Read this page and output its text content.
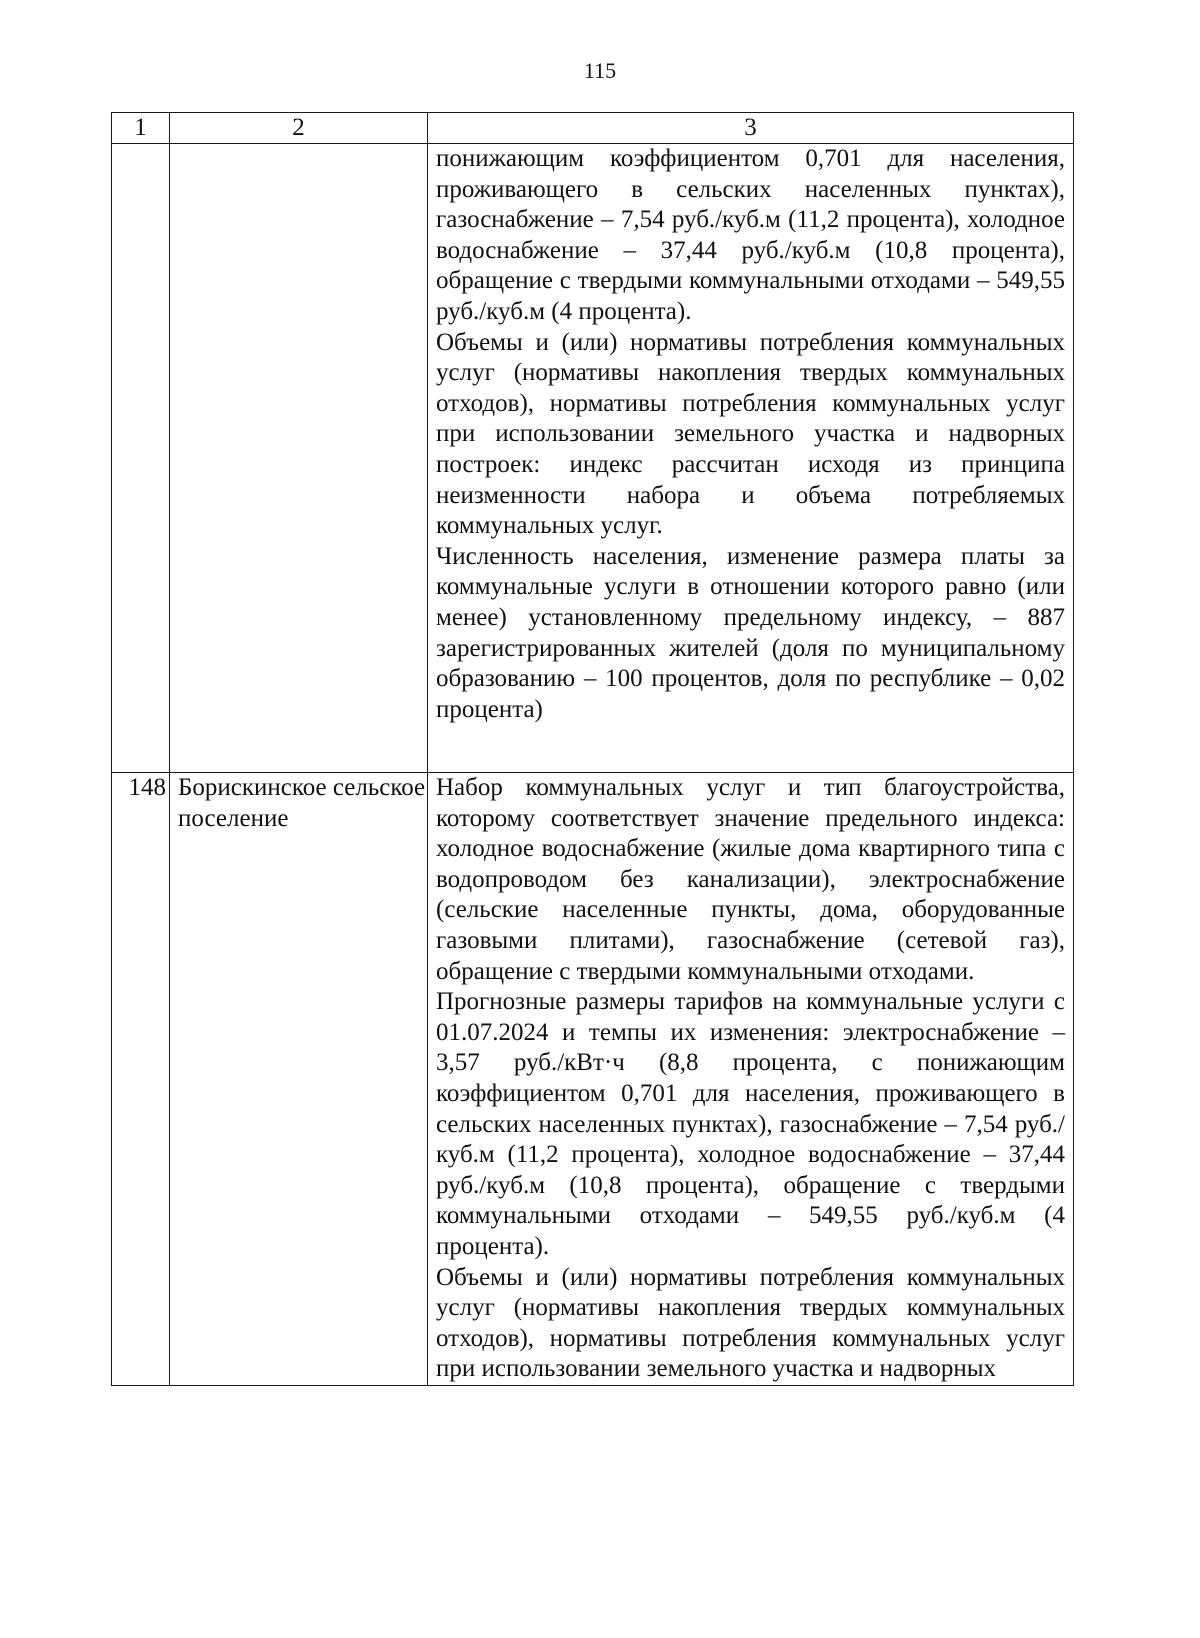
115
1	2	3

		понижающим коэффициентом 0,701 для населения, проживающего в сельских населенных пунктах), газоснабжение – 7,54 руб./куб.м (11,2 процента), холодное водоснабжение – 37,44 руб./куб.м (10,8 процента), обращение с твердыми коммунальными отходами – 549,55 руб./куб.м (4 процента).

Объемы и (или) нормативы потребления коммунальных услуг (нормативы накопления твердых коммунальных отходов), нормативы потребления коммунальных услуг при использовании земельного участка и надворных построек: индекс рассчитан исходя из принципа неизменности набора и объема потребляемых коммунальных услуг.

Численность населения, изменение размера платы за коммунальные услуги в отношении которого равно (или менее) установленному предельному индексу, – 887 зарегистрированных жителей (доля по муниципальному образованию – 100 процентов, доля по республике – 0,02 процента)

148	Борискинское сельское поселение	Набор коммунальных услуг и тип благоустройства, которому соответствует значение предельного индекса: холодное водоснабжение (жилые дома квартирного типа с водопроводом без канализации), электроснабжение (сельские населенные пункты, дома, оборудованные газовыми плитами), газоснабжение (сетевой газ), обращение с твердыми коммунальными отходами.

Прогнозные размеры тарифов на коммунальные услуги с 01.07.2024 и темпы их изменения: электроснабжение – 3,57 руб./кВт·ч (8,8 процента, с понижающим коэффициентом 0,701 для населения, проживающего в сельских населенных пунктах), газоснабжение – 7,54 руб./куб.м (11,2 процента), холодное водоснабжение – 37,44 руб./куб.м (10,8 процента), обращение с твердыми коммунальными отходами – 549,55 руб./куб.м (4 процента).

Объемы и (или) нормативы потребления коммунальных услуг (нормативы накопления твердых коммунальных отходов), нормативы потребления коммунальных услуг при использовании земельного участка и надворных
